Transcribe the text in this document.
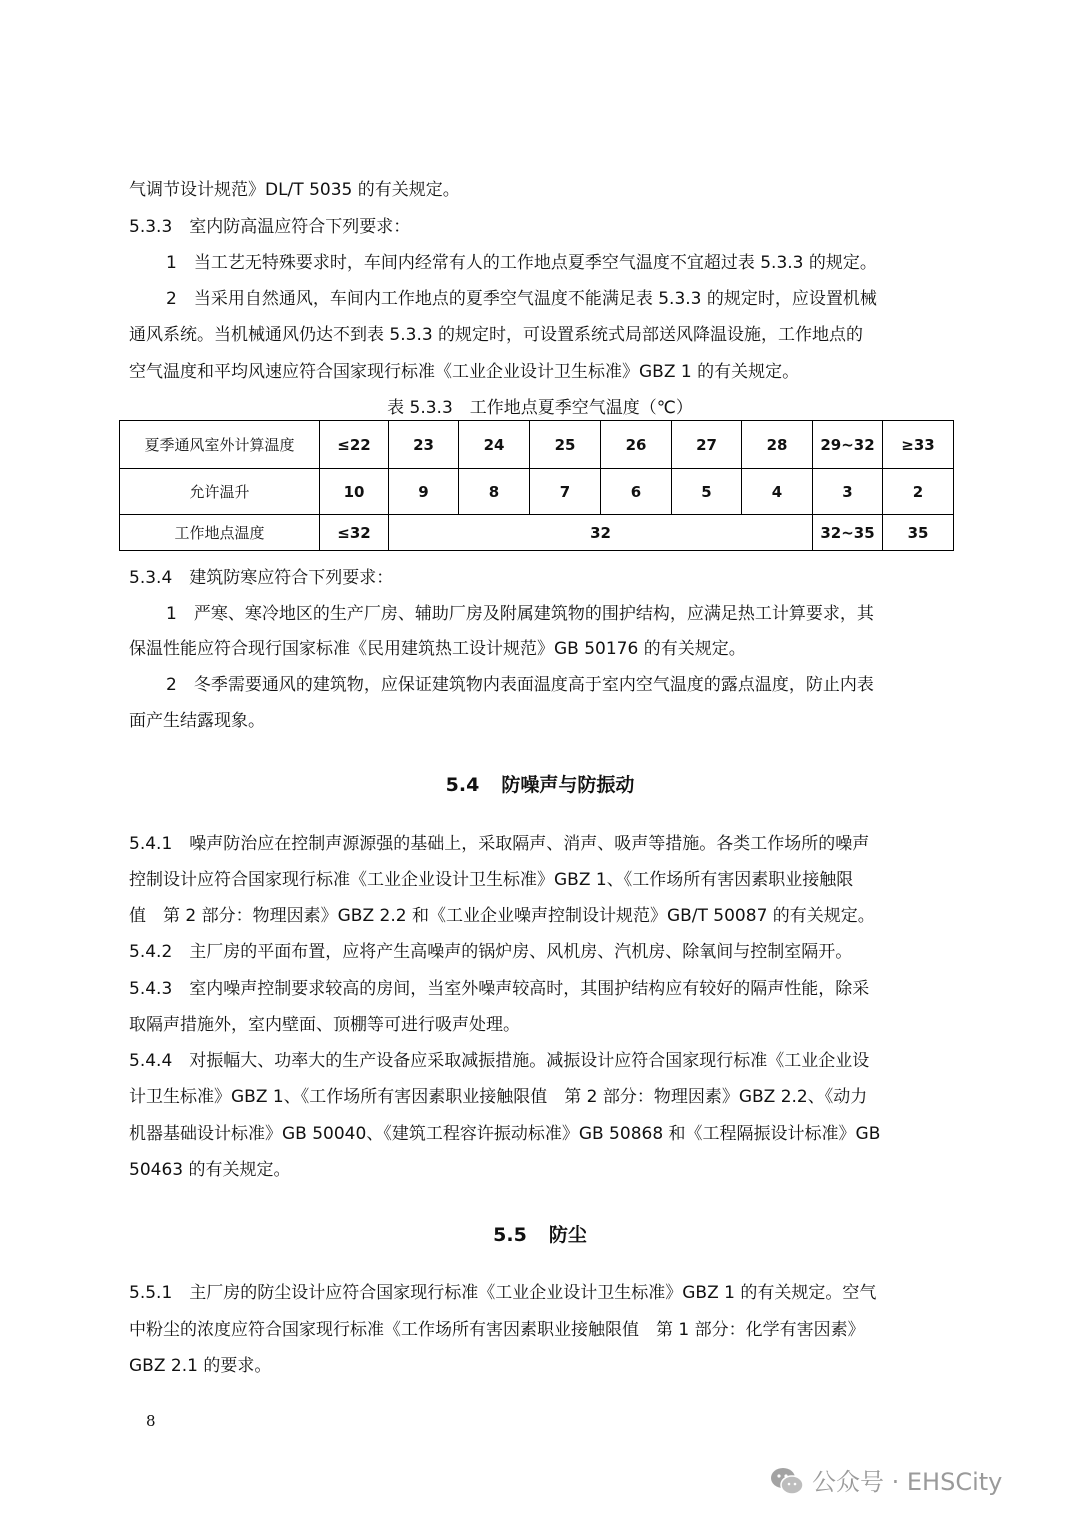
气调节设计规范》DL/T 5035 的有关规定。
5.3.3　室内防高温应符合下列要求：
1　当工艺无特殊要求时，车间内经常有人的工作地点夏季空气温度不宜超过表 5.3.3 的规定。
2　当采用自然通风，车间内工作地点的夏季空气温度不能满足表 5.3.3 的规定时，应设置机械
通风系统。当机械通风仍达不到表 5.3.3 的规定时，可设置系统式局部送风降温设施，工作地点的
空气温度和平均风速应符合国家现行标准《工业企业设计卫生标准》GBZ 1 的有关规定。
表 5.3.3　工作地点夏季空气温度（℃）
夏季通风室外计算温度	≤22	23	24	25	26	27	28	29~32	≥33
允许温升	10	9	8	7	6	5	4	3	2
工作地点温度	≤32	32						32~35	35
5.3.4　建筑防寒应符合下列要求：
1　严寒、寒冷地区的生产厂房、辅助厂房及附属建筑物的围护结构，应满足热工计算要求，其
保温性能应符合现行国家标准《民用建筑热工设计规范》GB 50176 的有关规定。
2　冬季需要通风的建筑物，应保证建筑物内表面温度高于室内空气温度的露点温度，防止内表
面产生结露现象。
5.4 防噪声与防振动
5.4.1　噪声防治应在控制声源源强的基础上，采取隔声、消声、吸声等措施。各类工作场所的噪声
控制设计应符合国家现行标准《工业企业设计卫生标准》GBZ 1、《工作场所有害因素职业接触限
值　第 2 部分：物理因素》GBZ 2.2 和《工业企业噪声控制设计规范》GB/T 50087 的有关规定。
5.4.2　主厂房的平面布置，应将产生高噪声的锅炉房、风机房、汽机房、除氧间与控制室隔开。
5.4.3　室内噪声控制要求较高的房间，当室外噪声较高时，其围护结构应有较好的隔声性能，除采
取隔声措施外，室内壁面、顶棚等可进行吸声处理。
5.4.4　对振幅大、功率大的生产设备应采取减振措施。减振设计应符合国家现行标准《工业企业设
计卫生标准》GBZ 1、《工作场所有害因素职业接触限值　第 2 部分：物理因素》GBZ 2.2、《动力
机器基础设计标准》GB 50040、《建筑工程容许振动标准》GB 50868 和《工程隔振设计标准》GB
50463 的有关规定。
5.5 防尘
5.5.1　主厂房的防尘设计应符合国家现行标准《工业企业设计卫生标准》GBZ 1 的有关规定。空气
中粉尘的浓度应符合国家现行标准《工作场所有害因素职业接触限值　第 1 部分：化学有害因素》
GBZ 2.1 的要求。
8
公众号 · EHSCity
